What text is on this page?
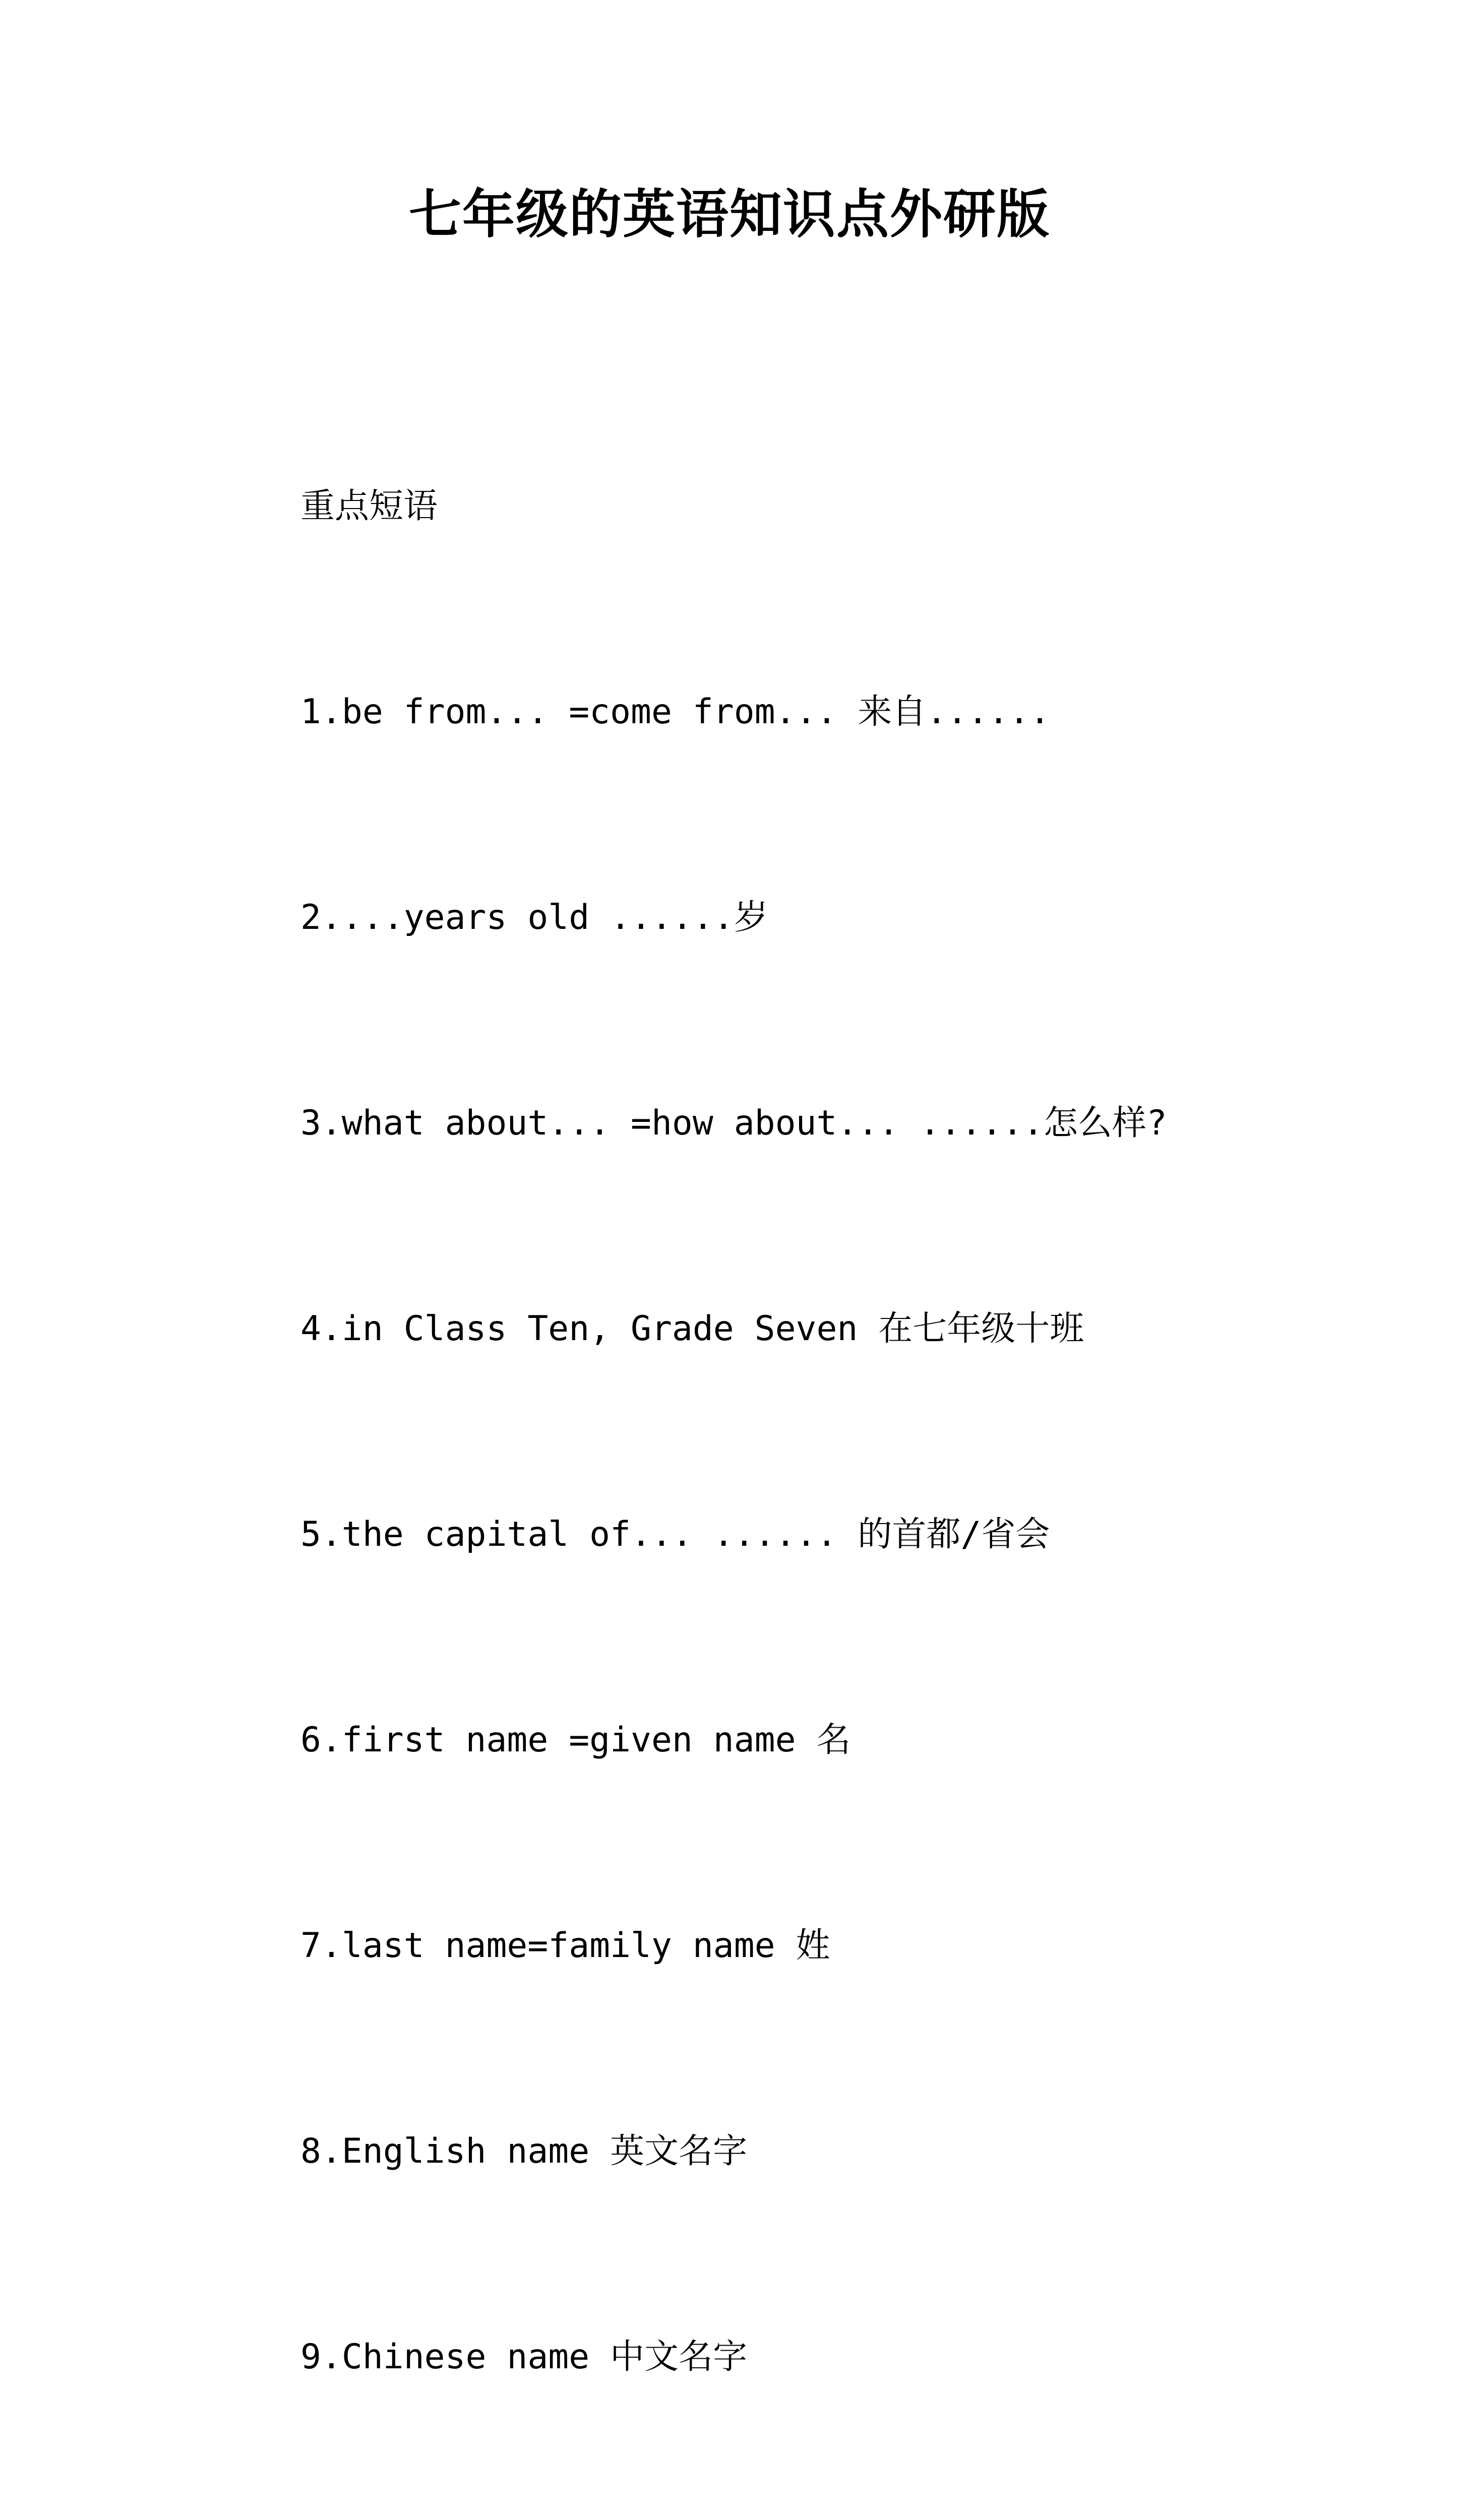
七年级的英语知识点外研版

重点短语

1.be from... =come from... 来自......

2....years old ......岁

3.what about... =how about... ......怎么样?

4.in Class Ten, Grade Seven 在七年级十班

5.the capital of... ...... 的首都/省会

6.first name =given name 名

7.last name=family name 姓

8.English name 英文名字

9.Chinese name 中文名字
